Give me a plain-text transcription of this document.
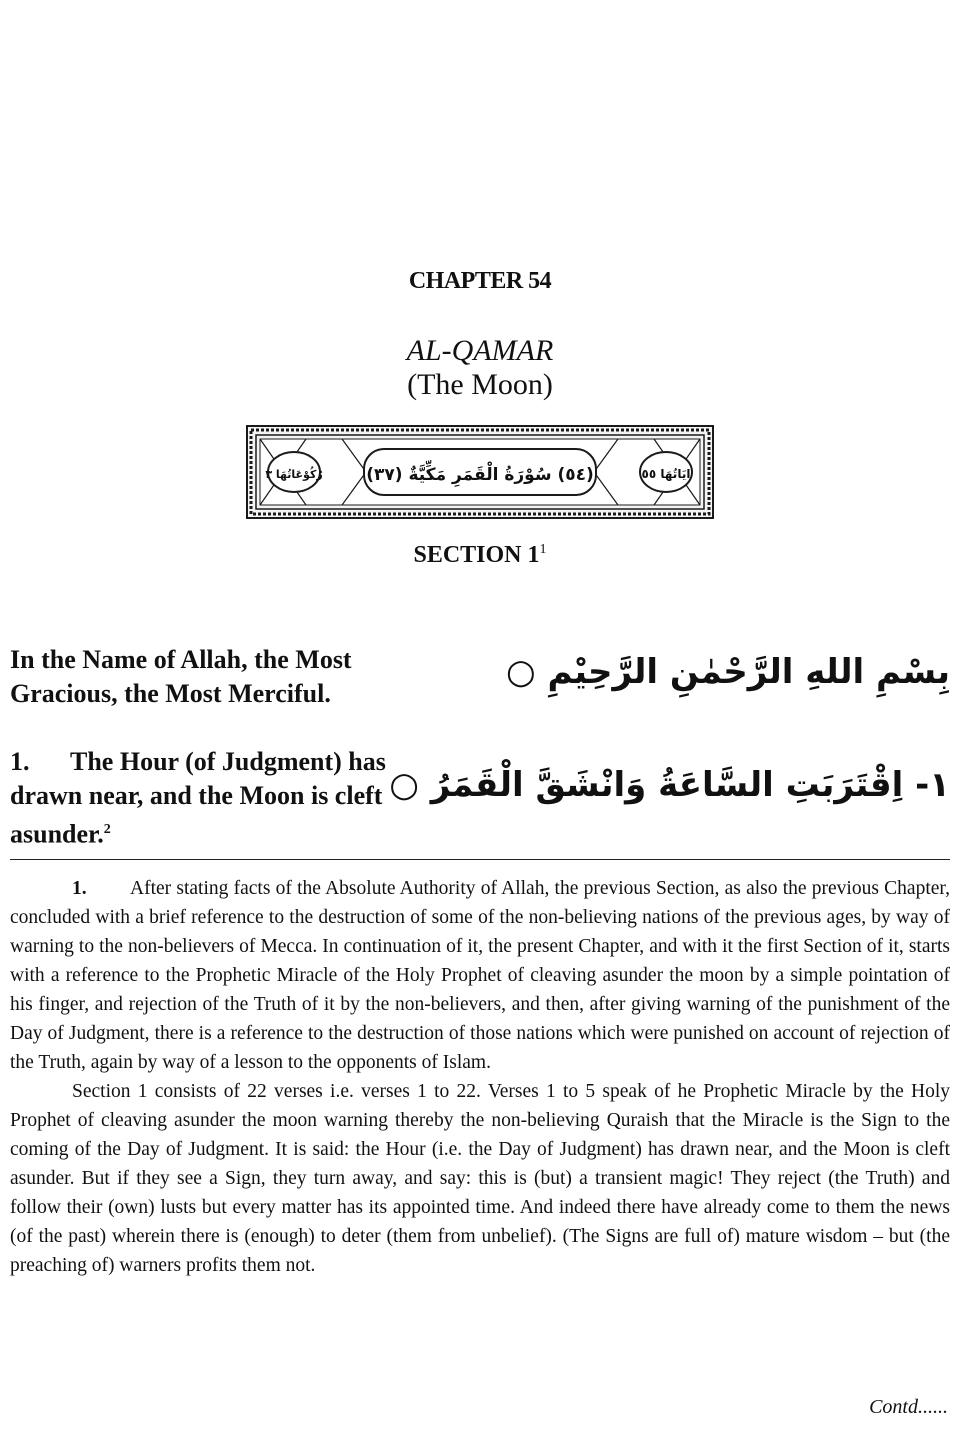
CHAPTER 54
AL-QAMAR
(The Moon)
ايَاتُهَا ٥٥
رُكُوْعَاتُهَا ٣	(٥٤) سُوْرَةُ الْقَمَرِ مَكِّيَّةٌ (٣٧)
SECTION $1^1$
In the Name of Allah, the Most Gracious, the Most Merciful.
بِسْمِ اللهِ الرَّحْمٰنِ الرَّحِيْمِ ○
1. The Hour (of Judgment) has drawn near, and the Moon is cleft asunder.$^2$
١- اِقْتَرَبَتِ السَّاعَةُ وَانْشَقَّ الْقَمَرُ ○

1. After stating facts of the Absolute Authority of Allah, the previous Section, as also the previous Chapter, concluded with a brief reference to the destruction of some of the non-believing nations of the previous ages, by way of warning to the non-believers of Mecca. In continuation of it, the present Chapter, and with it the first Section of it, starts with a reference to the Prophetic Miracle of the Holy Prophet of cleaving asunder the moon by a simple pointation of his finger, and rejection of the Truth of it by the non-believers, and then, after giving warning of the punishment of the Day of Judgment, there is a reference to the destruction of those nations which were punished on account of rejection of the Truth, again by way of a lesson to the opponents of Islam.

Section 1 consists of 22 verses i.e. verses 1 to 22. Verses 1 to 5 speak of he Prophetic Miracle by the Holy Prophet of cleaving asunder the moon warning thereby the non-believing Quraish that the Miracle is the Sign to the coming of the Day of Judgment. It is said: the Hour (i.e. the Day of Judgment) has drawn near, and the Moon is cleft asunder. But if they see a Sign, they turn away, and say: this is (but) a transient magic! They reject (the Truth) and follow their (own) lusts but every matter has its appointed time. And indeed there have already come to them the news (of the past) wherein there is (enough) to deter (them from unbelief). (The Signs are full of) mature wisdom – but (the preaching of) warners profits them not.

Contd......
